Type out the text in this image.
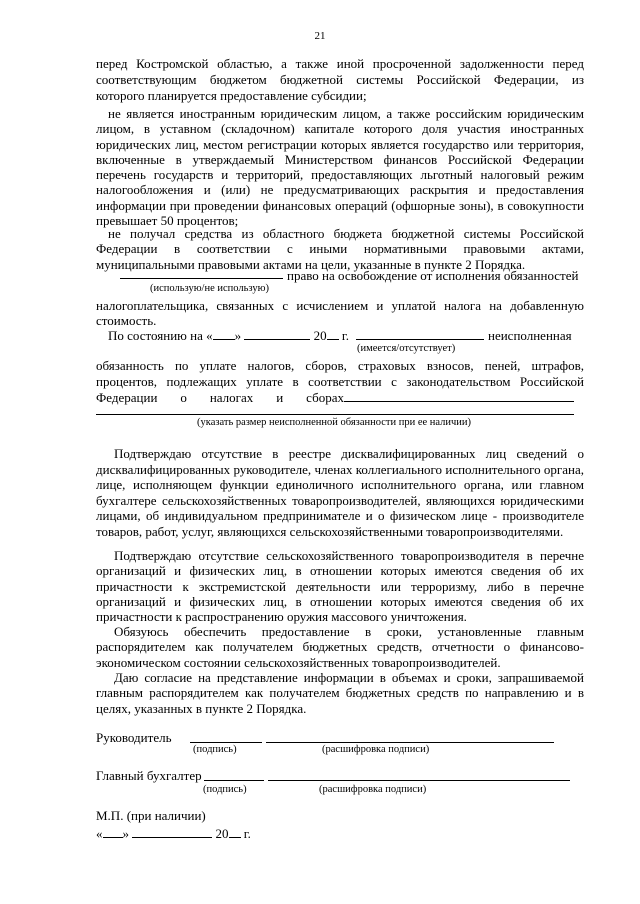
21
перед Костромской областью, а также иной просроченной задолженности перед
соответствующим бюджетом бюджетной системы Российской Федерации, из
которого планируется предоставление субсидии;
не является иностранным юридическим лицом, а также российским юридическим лицом, в уставном (складочном) капитале которого доля участия иностранных юридических лиц, местом регистрации которых является государство или территория, включенные в утверждаемый Министерством финансов Российской Федерации перечень государств и территорий, предоставляющих льготный налоговый режим налогообложения и (или) не предусматривающих раскрытия и предоставления информации при проведении финансовых операций (офшорные зоны), в совокупности превышает 50 процентов;
не получал средства из областного бюджета бюджетной системы Российской Федерации в соответствии с иными нормативными правовыми актами, муниципальными правовыми актами на цели, указанные в пункте 2 Порядка.
право на освобождение от исполнения обязанностей
(использую/не использую)
налогоплательщика, связанных с исчислением и уплатой налога на добавленную стоимость.
По состоянию на « »	20 г.	неисполненная
(имеется/отсутствует)
обязанность по уплате налогов, сборов, страховых взносов, пеней, штрафов,
процентов, подлежащих уплате в соответствии с законодательством Российской
Федерации о налогах и сборах
(указать размер неисполненной обязанности при ее наличии)
Подтверждаю отсутствие в реестре дисквалифицированных лиц сведений о дисквалифицированных руководителе, членах коллегиального исполнительного органа, лице, исполняющем функции единоличного исполнительного органа, или главном бухгалтере сельскохозяйственных товаропроизводителей, являющихся юридическими лицами, об индивидуальном предпринимателе и о физическом лице - производителе товаров, работ, услуг, являющихся сельскохозяйственными товаропроизводителями.
Подтверждаю отсутствие сельскохозяйственного товаропроизводителя в перечне организаций и физических лиц, в отношении которых имеются сведения об их причастности к экстремистской деятельности или терроризму, либо в перечне организаций и физических лиц, в отношении которых имеются сведения об их причастности к распространению оружия массового уничтожения.
Обязуюсь обеспечить предоставление в сроки, установленные главным распорядителем как получателем бюджетных средств, отчетности о финансово-экономическом состоянии сельскохозяйственных товаропроизводителей.
Даю согласие на представление информации в объемах и сроки, запрашиваемой главным распорядителем как получателем бюджетных средств по направлению и в целях, указанных в пункте 2 Порядка.
Руководитель
(подпись)	(расшифровка подписи)
Главный бухгалтер
(подпись)	(расшифровка подписи)
М.П. (при наличии)
« »	20 г.
